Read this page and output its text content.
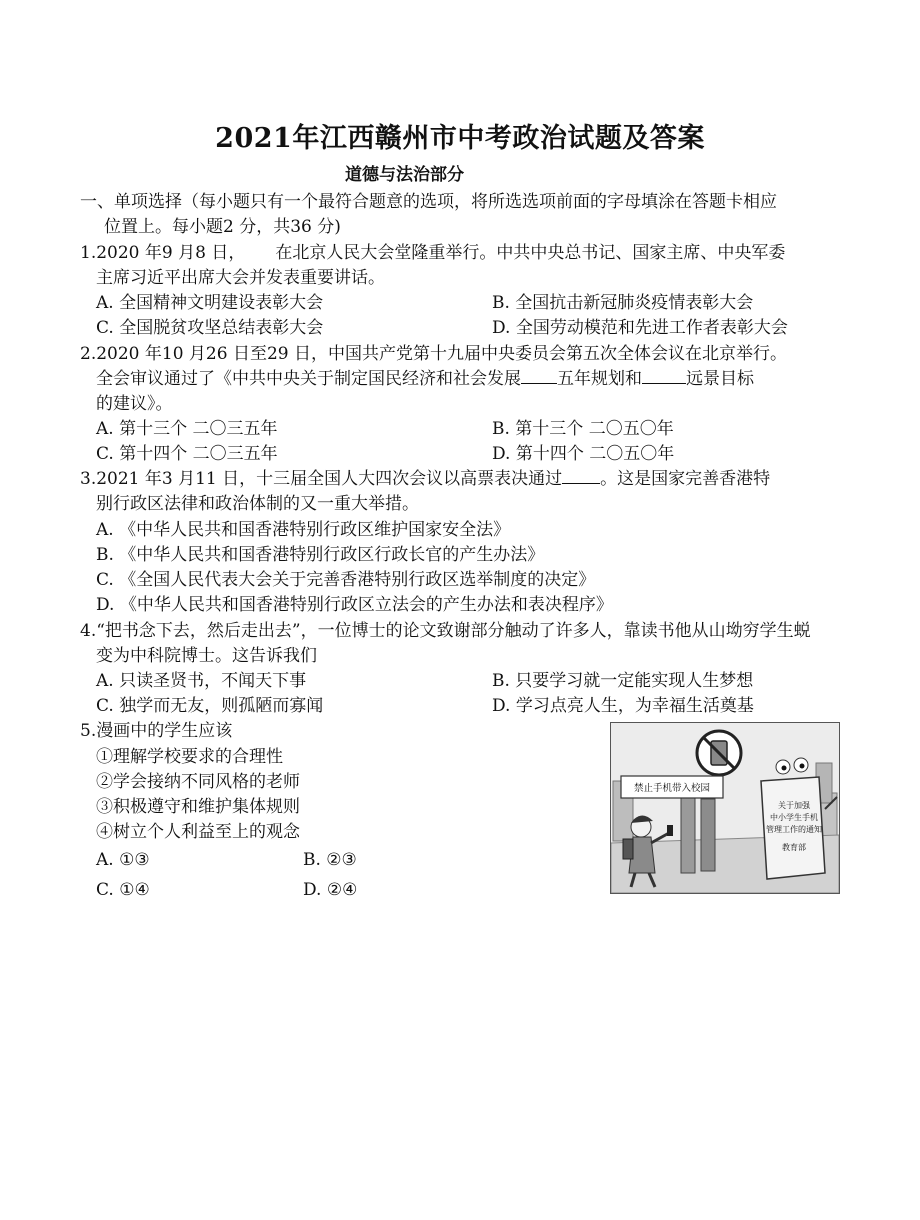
2021年江西赣州市中考政治试题及答案
道德与法治部分
一、单项选择（每小题只有一个最符合题意的选项，将所选选项前面的字母填涂在答题卡相应
位置上。每小题2 分，共36 分)
1.2020 年9 月8 日， 在北京人民大会堂隆重举行。中共中央总书记、国家主席、中央军委
主席习近平出席大会并发表重要讲话。
A. 全国精神文明建设表彰大会	B. 全国抗击新冠肺炎疫情表彰大会
C. 全国脱贫攻坚总结表彰大会	D. 全国劳动模范和先进工作者表彰大会
2.2020 年10 月26 日至29 日，中国共产党第十九届中央委员会第五次全体会议在北京举行。
全会审议通过了《中共中央关于制定国民经济和社会发展 五年规划和	远景目标
的建议》。
A. 第十三个 二〇三五年	B. 第十三个 二〇五〇年
C. 第十四个 二〇三五年	D. 第十四个 二〇五〇年
3.2021 年3 月11 日，十三届全国人大四次会议以高票表决通过 。这是国家完善香港特
别行政区法律和政治体制的又一重大举措。
A. 《中华人民共和国香港特别行政区维护国家安全法》
B. 《中华人民共和国香港特别行政区行政长官的产生办法》
C. 《全国人民代表大会关于完善香港特别行政区选举制度的决定》
D. 《中华人民共和国香港特别行政区立法会的产生办法和表决程序》
4.“把书念下去，然后走出去”，一位博士的论文致谢部分触动了许多人，靠读书他从山坳穷学生蜕
变为中科院博士。这告诉我们
A. 只读圣贤书，不闻天下事	B. 只要学习就一定能实现人生梦想
C. 独学而无友，则孤陋而寡闻	D. 学习点亮人生，为幸福生活奠基
5.漫画中的学生应该
①理解学校要求的合理性
②学会接纳不同风格的老师
③积极遵守和维护集体规则
④树立个人利益至上的观念
A. ①③	B. ②③
C. ①④	D. ②④
禁止手机带入校园
关于加强
中小学生手机
管理工作的通知
教育部
